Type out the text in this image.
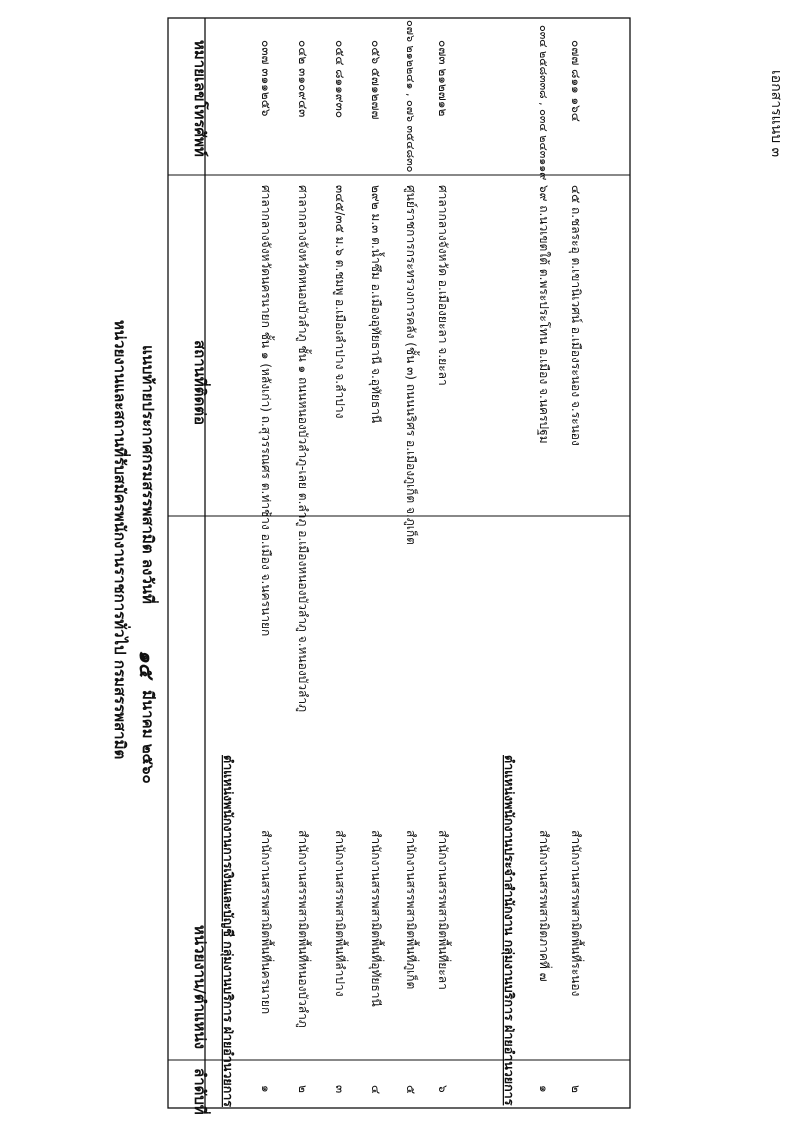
เอกสารแนบ ๓
หน่วยงานและสถานที่รับสมัครพนักงานราชการทั่วไป กรมสรรพสามิต แนบท้ายประกาศกรมสรรพสามิต ลงวันที่
๑๕
มีนาคม ๒๕๖๐
ลำดับที่
หน่วยงาน/ตำแหน่ง
สถานที่ติดต่อ
หมายเลขโทรศัพท์
ตำแหน่งพนักงานการเงินและบัญชี กลุ่มงานบริการ ฝ่ายอำนวยการ ๑
สำนักงานสรรพสามิตพื้นที่นครนายก
ศาลากลางจังหวัดนครนายก ชั้น ๑ (หลังเก่า) ถ.สุวรรณศร ต.ท่าช้าง อ.เมือง จ.นครนายก
๐๓๗ ๓๑๑๒๕๖
๒
สำนักงานสรรพสามิตพื้นที่หนองบัวลำภู
ศาลากลางจังหวัดหนองบัวลำภู ชั้น ๑ ถนนหนองบัวลำภู-เลย ต.ลำภู อ.เมืองหนองบัวลำภู จ.หนองบัวลำภู
๐๔๒ ๓๑๐๙๔๓
๓
สำนักงานสรรพสามิตพื้นที่ลำปาง
๓๔๕/๓๕ ม.๖ ต.ชมพู อ.เมืองลำปาง จ.ลำปาง
๐๕๔ ๘๑๑๙๓๐
๔
สำนักงานสรรพสามิตพื้นที่อุทัยธานี
๒๙๒ ม.๓ ต.น้ำซึม อ.เมืองอุทัยธานี จ.อุทัยธานี
๐๕๖ ๕๗๑๒๗๗
๕
สำนักงานสรรพสามิตพื้นที่ภูเก็ต
ศูนย์ราชการกระทรวงการคลัง (ชั้น ๓) ถนนนริศร อ.เมืองภูเก็ต จ.ภูเก็ต
๐๗๖ ๒๑๒๒๔๑ , ๐๗๖ ๓๕๔๘๓๐
๖
สำนักงานสรรพสามิตพื้นที่ยะลา
ศาลากลางจังหวัด อ.เมืองยะลา จ.ยะลา
๐๗๓ ๒๑๒๗๑๒
ตำแหน่งพนักงานประจำสำนักงาน กลุ่มงานบริการ ฝ่ายอำนวยการ ๑
สำนักงานสรรพสามิตภาคที่ ๗
๖๙ ถ.นวเขตใต้ ต.พระประโทน อ.เมือง จ.นครปฐม
๐๓๔ ๒๕๘๓๓๘ , ๐๓๔ ๒๔๓๑๑๙
๒
สำนักงานสรรพสามิตพื้นที่ระนอง
๔๕ ถ.ชลระอุ ต.เขานิเวศน์ อ.เมืองระนอง จ.ระนอง
๐๗๗ ๘๑๑ ๑๖๔
